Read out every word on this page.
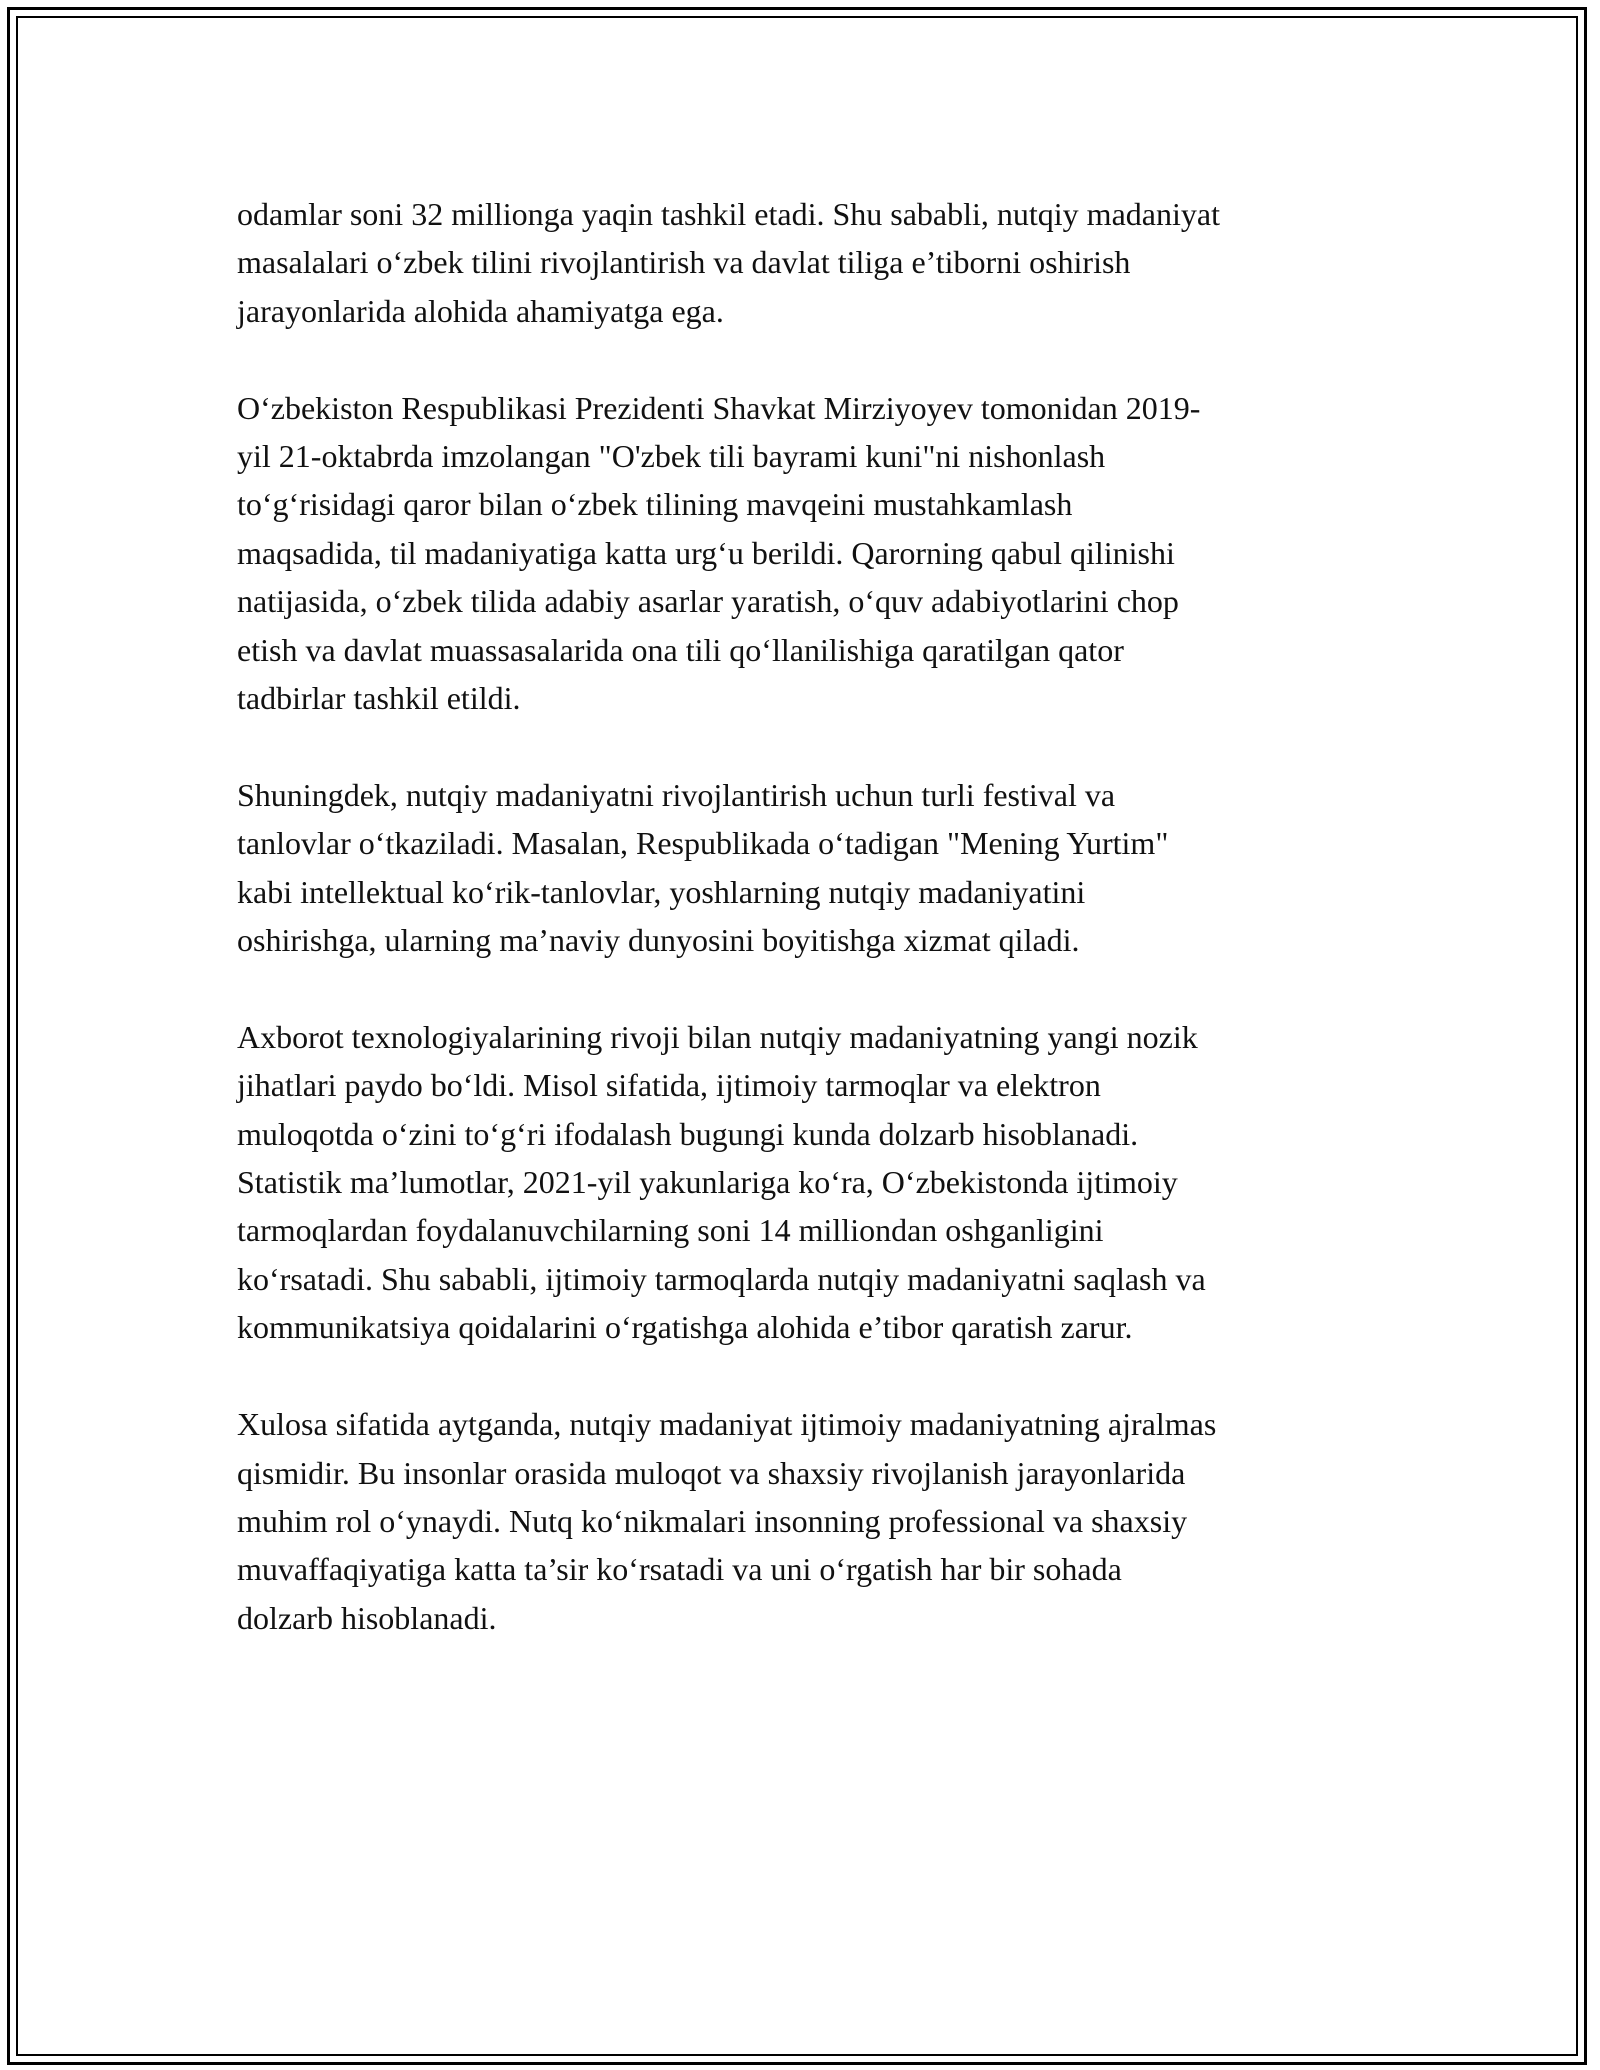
odamlar soni 32 millionga yaqin tashkil etadi. Shu sababli, nutqiy madaniyat
masalalari o‘zbek tilini rivojlantirish va davlat tiliga e’tiborni oshirish
jarayonlarida alohida ahamiyatga ega.

O‘zbekiston Respublikasi Prezidenti Shavkat Mirziyoyev tomonidan 2019-
yil 21-oktabrda imzolangan "O'zbek tili bayrami kuni"ni nishonlash
to‘g‘risidagi qaror bilan o‘zbek tilining mavqeini mustahkamlash
maqsadida, til madaniyatiga katta urg‘u berildi. Qarorning qabul qilinishi
natijasida, o‘zbek tilida adabiy asarlar yaratish, o‘quv adabiyotlarini chop
etish va davlat muassasalarida ona tili qo‘llanilishiga qaratilgan qator
tadbirlar tashkil etildi.

Shuningdek, nutqiy madaniyatni rivojlantirish uchun turli festival va
tanlovlar o‘tkaziladi. Masalan, Respublikada o‘tadigan "Mening Yurtim"
kabi intellektual ko‘rik-tanlovlar, yoshlarning nutqiy madaniyatini
oshirishga, ularning ma’naviy dunyosini boyitishga xizmat qiladi.

Axborot texnologiyalarining rivoji bilan nutqiy madaniyatning yangi nozik
jihatlari paydo bo‘ldi. Misol sifatida, ijtimoiy tarmoqlar va elektron
muloqotda o‘zini to‘g‘ri ifodalash bugungi kunda dolzarb hisoblanadi.
Statistik ma’lumotlar, 2021-yil yakunlariga ko‘ra, O‘zbekistonda ijtimoiy
tarmoqlardan foydalanuvchilarning soni 14 milliondan oshganligini
ko‘rsatadi. Shu sababli, ijtimoiy tarmoqlarda nutqiy madaniyatni saqlash va
kommunikatsiya qoidalarini o‘rgatishga alohida e’tibor qaratish zarur.

Xulosa sifatida aytganda, nutqiy madaniyat ijtimoiy madaniyatning ajralmas
qismidir. Bu insonlar orasida muloqot va shaxsiy rivojlanish jarayonlarida
muhim rol o‘ynaydi. Nutq ko‘nikmalari insonning professional va shaxsiy
muvaffaqiyatiga katta ta’sir ko‘rsatadi va uni o‘rgatish har bir sohada
dolzarb hisoblanadi.
